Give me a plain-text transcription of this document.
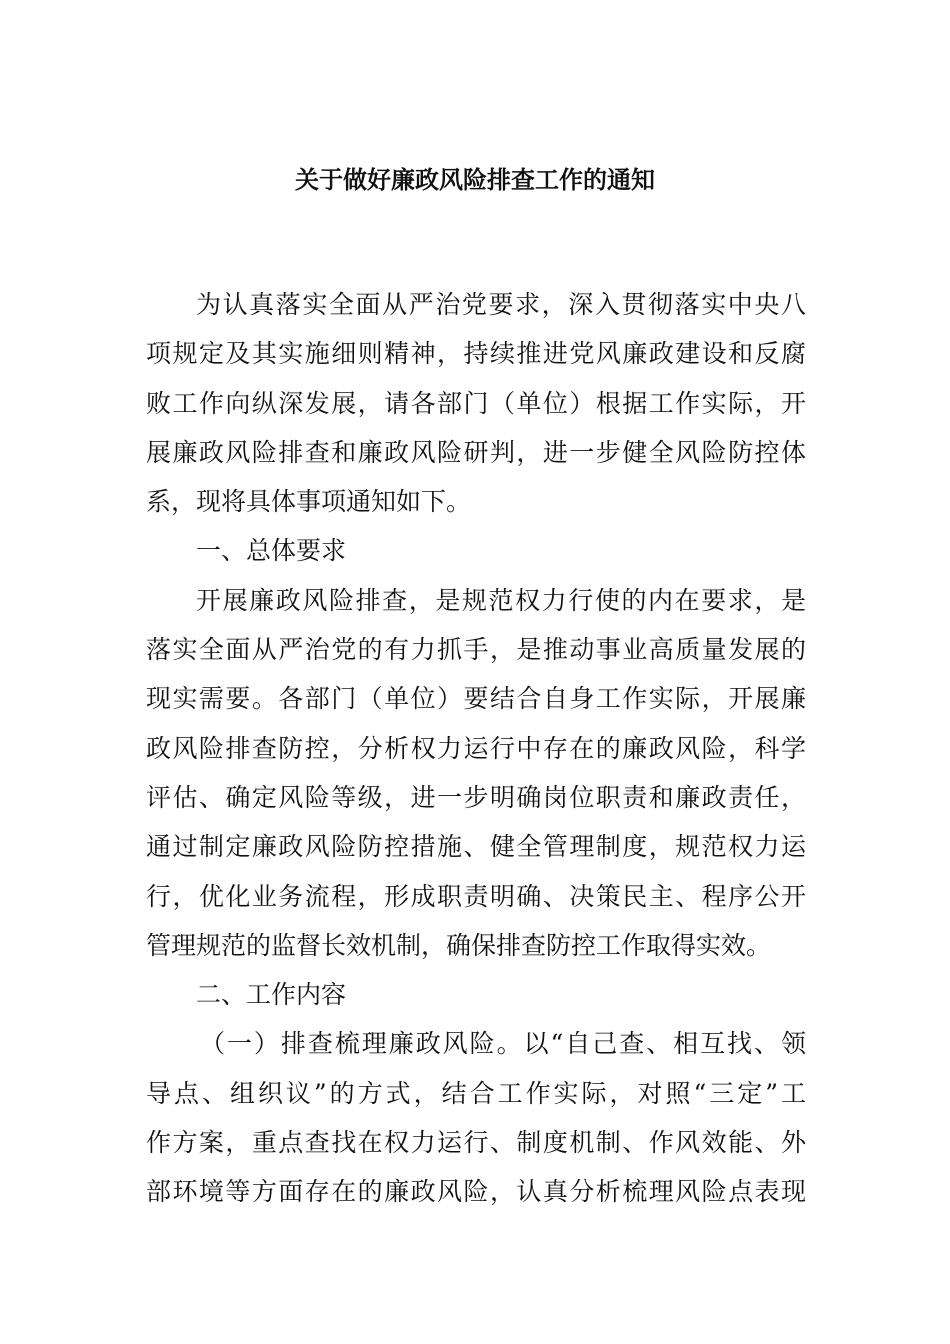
关于做好廉政风险排查工作的通知
为认真落实全面从严治党要求，深入贯彻落实中央八
项规定及其实施细则精神，持续推进党风廉政建设和反腐
败工作向纵深发展，请各部门（单位）根据工作实际，开
展廉政风险排查和廉政风险研判，进一步健全风险防控体
系，现将具体事项通知如下。
一、总体要求
开展廉政风险排查，是规范权力行使的内在要求，是
落实全面从严治党的有力抓手，是推动事业高质量发展的
现实需要。各部门（单位）要结合自身工作实际，开展廉
政风险排查防控，分析权力运行中存在的廉政风险，科学
评估、确定风险等级，进一步明确岗位职责和廉政责任，
通过制定廉政风险防控措施、健全管理制度，规范权力运
行，优化业务流程，形成职责明确、决策民主、程序公开
管理规范的监督长效机制，确保排查防控工作取得实效。
二、工作内容
（一）排查梳理廉政风险。以“自己查、相互找、领
导点、组织议”的方式，结合工作实际，对照“三定”工
作方案，重点查找在权力运行、制度机制、作风效能、外
部环境等方面存在的廉政风险，认真分析梳理风险点表现
